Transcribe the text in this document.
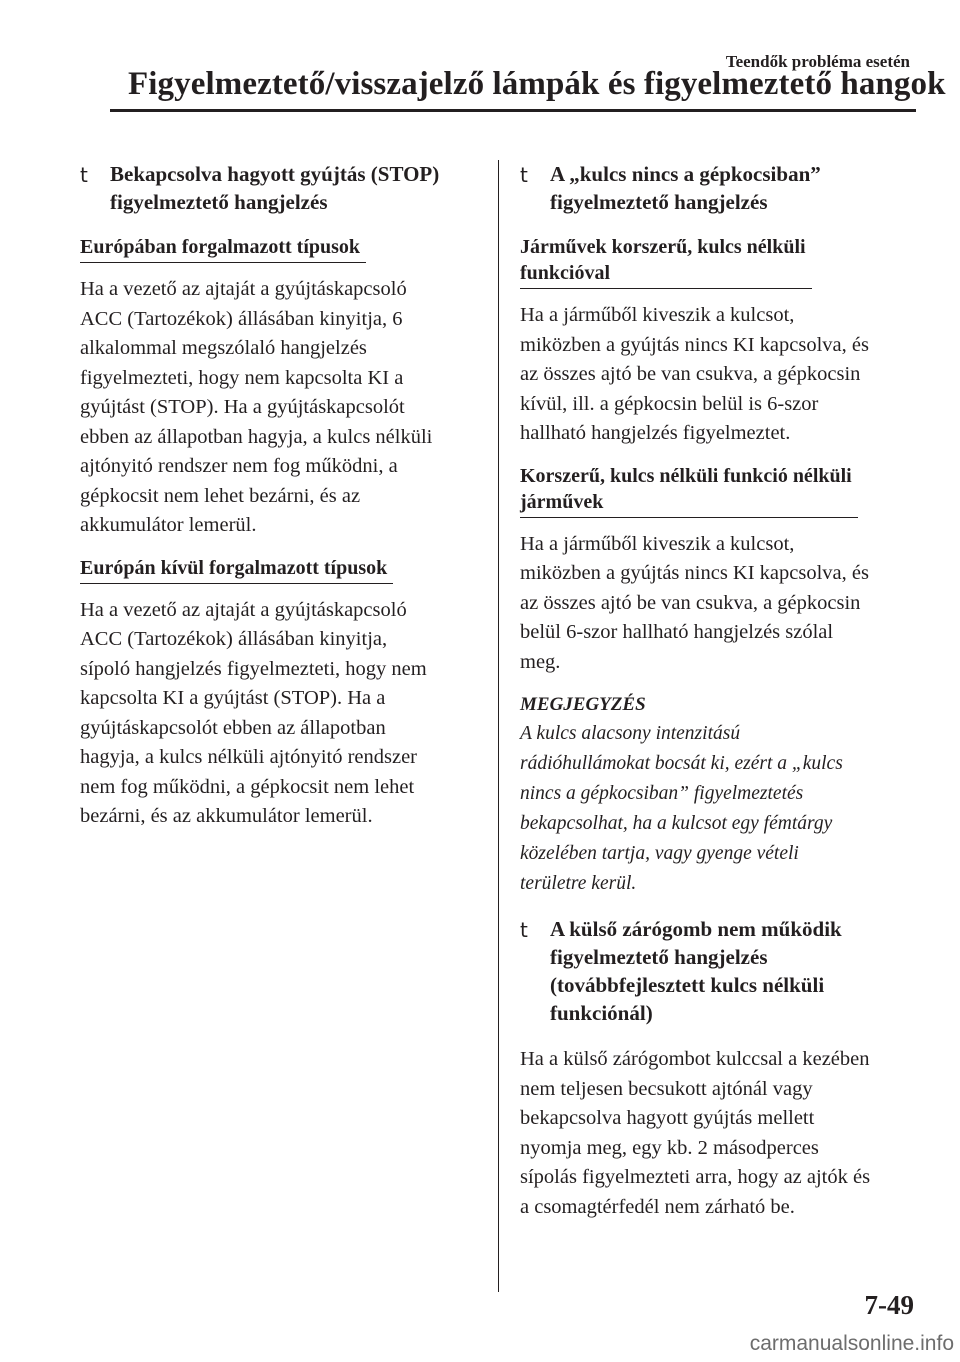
Teendők probléma esetén
Figyelmeztető/visszajelző lámpák és figyelmeztető hangok
t Bekapcsolva hagyott gyújtás (STOP)
figyelmeztető hangjelzés
Európában forgalmazott típusok
Ha a vezető az ajtaját a gyújtáskapcsoló
ACC (Tartozékok) állásában kinyitja, 6
alkalommal megszólaló hangjelzés
figyelmezteti, hogy nem kapcsolta KI a
gyújtást (STOP). Ha a gyújtáskapcsolót
ebben az állapotban hagyja, a kulcs nélküli
ajtónyitó rendszer nem fog működni, a
gépkocsit nem lehet bezárni, és az
akkumulátor lemerül.
Európán kívül forgalmazott típusok
Ha a vezető az ajtaját a gyújtáskapcsoló
ACC (Tartozékok) állásában kinyitja,
sípoló hangjelzés figyelmezteti, hogy nem
kapcsolta KI a gyújtást (STOP). Ha a
gyújtáskapcsolót ebben az állapotban
hagyja, a kulcs nélküli ajtónyitó rendszer
nem fog működni, a gépkocsit nem lehet
bezárni, és az akkumulátor lemerül.
t A „kulcs nincs a gépkocsiban”
figyelmeztető hangjelzés
Járművek korszerű, kulcs nélküli
funkcióval
Ha a járműből kiveszik a kulcsot,
miközben a gyújtás nincs KI kapcsolva, és
az összes ajtó be van csukva, a gépkocsin
kívül, ill. a gépkocsin belül is 6-szor
hallható hangjelzés figyelmeztet.
Korszerű, kulcs nélküli funkció nélküli
járművek
Ha a járműből kiveszik a kulcsot,
miközben a gyújtás nincs KI kapcsolva, és
az összes ajtó be van csukva, a gépkocsin
belül 6-szor hallható hangjelzés szólal
meg.
MEGJEGYZÉS
A kulcs alacsony intenzitású
rádióhullámokat bocsát ki, ezért a „kulcs
nincs a gépkocsiban” figyelmeztetés
bekapcsolhat, ha a kulcsot egy fémtárgy
közelében tartja, vagy gyenge vételi
területre kerül.
t A külső zárógomb nem működik
figyelmeztető hangjelzés
(továbbfejlesztett kulcs nélküli
funkciónál)
Ha a külső zárógombot kulccsal a kezében
nem teljesen becsukott ajtónál vagy
bekapcsolva hagyott gyújtás mellett
nyomja meg, egy kb. 2 másodperces
sípolás figyelmezteti arra, hogy az ajtók és
a csomagtérfedél nem zárható be.
7-49
carmanualsonline.info
